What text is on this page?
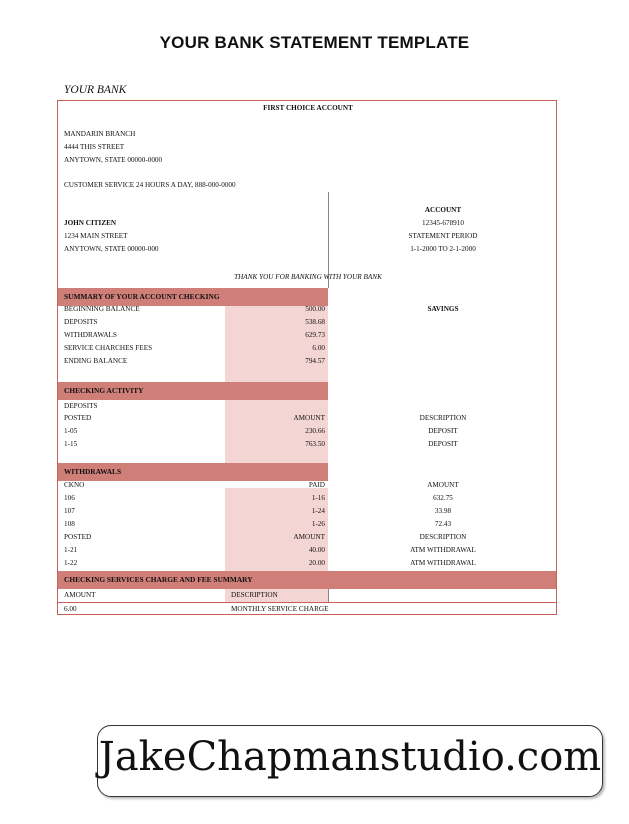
YOUR BANK STATEMENT TEMPLATE
YOUR BANK
FIRST CHOICE ACCOUNT
MANDARIN BRANCH
4444 THIS STREET
ANYTOWN, STATE 00000-0000
CUSTOMER SERVICE 24 HOURS A DAY, 888-000-0000
JOHN CITIZEN
1234 MAIN STREET
ANYTOWN, STATE 00000-000
ACCOUNT
12345-678910
STATEMENT PERIOD
1-1-2000 TO 2-1-2000
THANK YOU FOR BANKING WITH YOUR BANK
SUMMARY OF YOUR ACCOUNT CHECKING
SAVINGS
BEGINNING BALANCE	500.00
DEPOSITS	538.68
WITHDRAWALS	629.73
SERVICE CHARCHES FEES	6.00
ENDING BALANCE	794.57
CHECKING ACTIVITY
DEPOSITS
POSTED	AMOUNT	DESCRIPTION
1-05	230.66	DEPOSIT
1-15	763.50	DEPOSIT
WITHDRAWALS
CKNO	PAID	AMOUNT
106	1-16	632.75
107	1-24	33.98
108	1-26	72.43
POSTED	AMOUNT	DESCRIPTION
1-21	40.00	ATM WITHDRAWAL
1-22	20.00	ATM WITHDRAWAL
CHECKING SERVICES CHARGE AND FEE SUMMARY
AMOUNT	DESCRIPTION
6.00	MONTHLY SERVICE CHARGE
JakeChapmanstudio.com
